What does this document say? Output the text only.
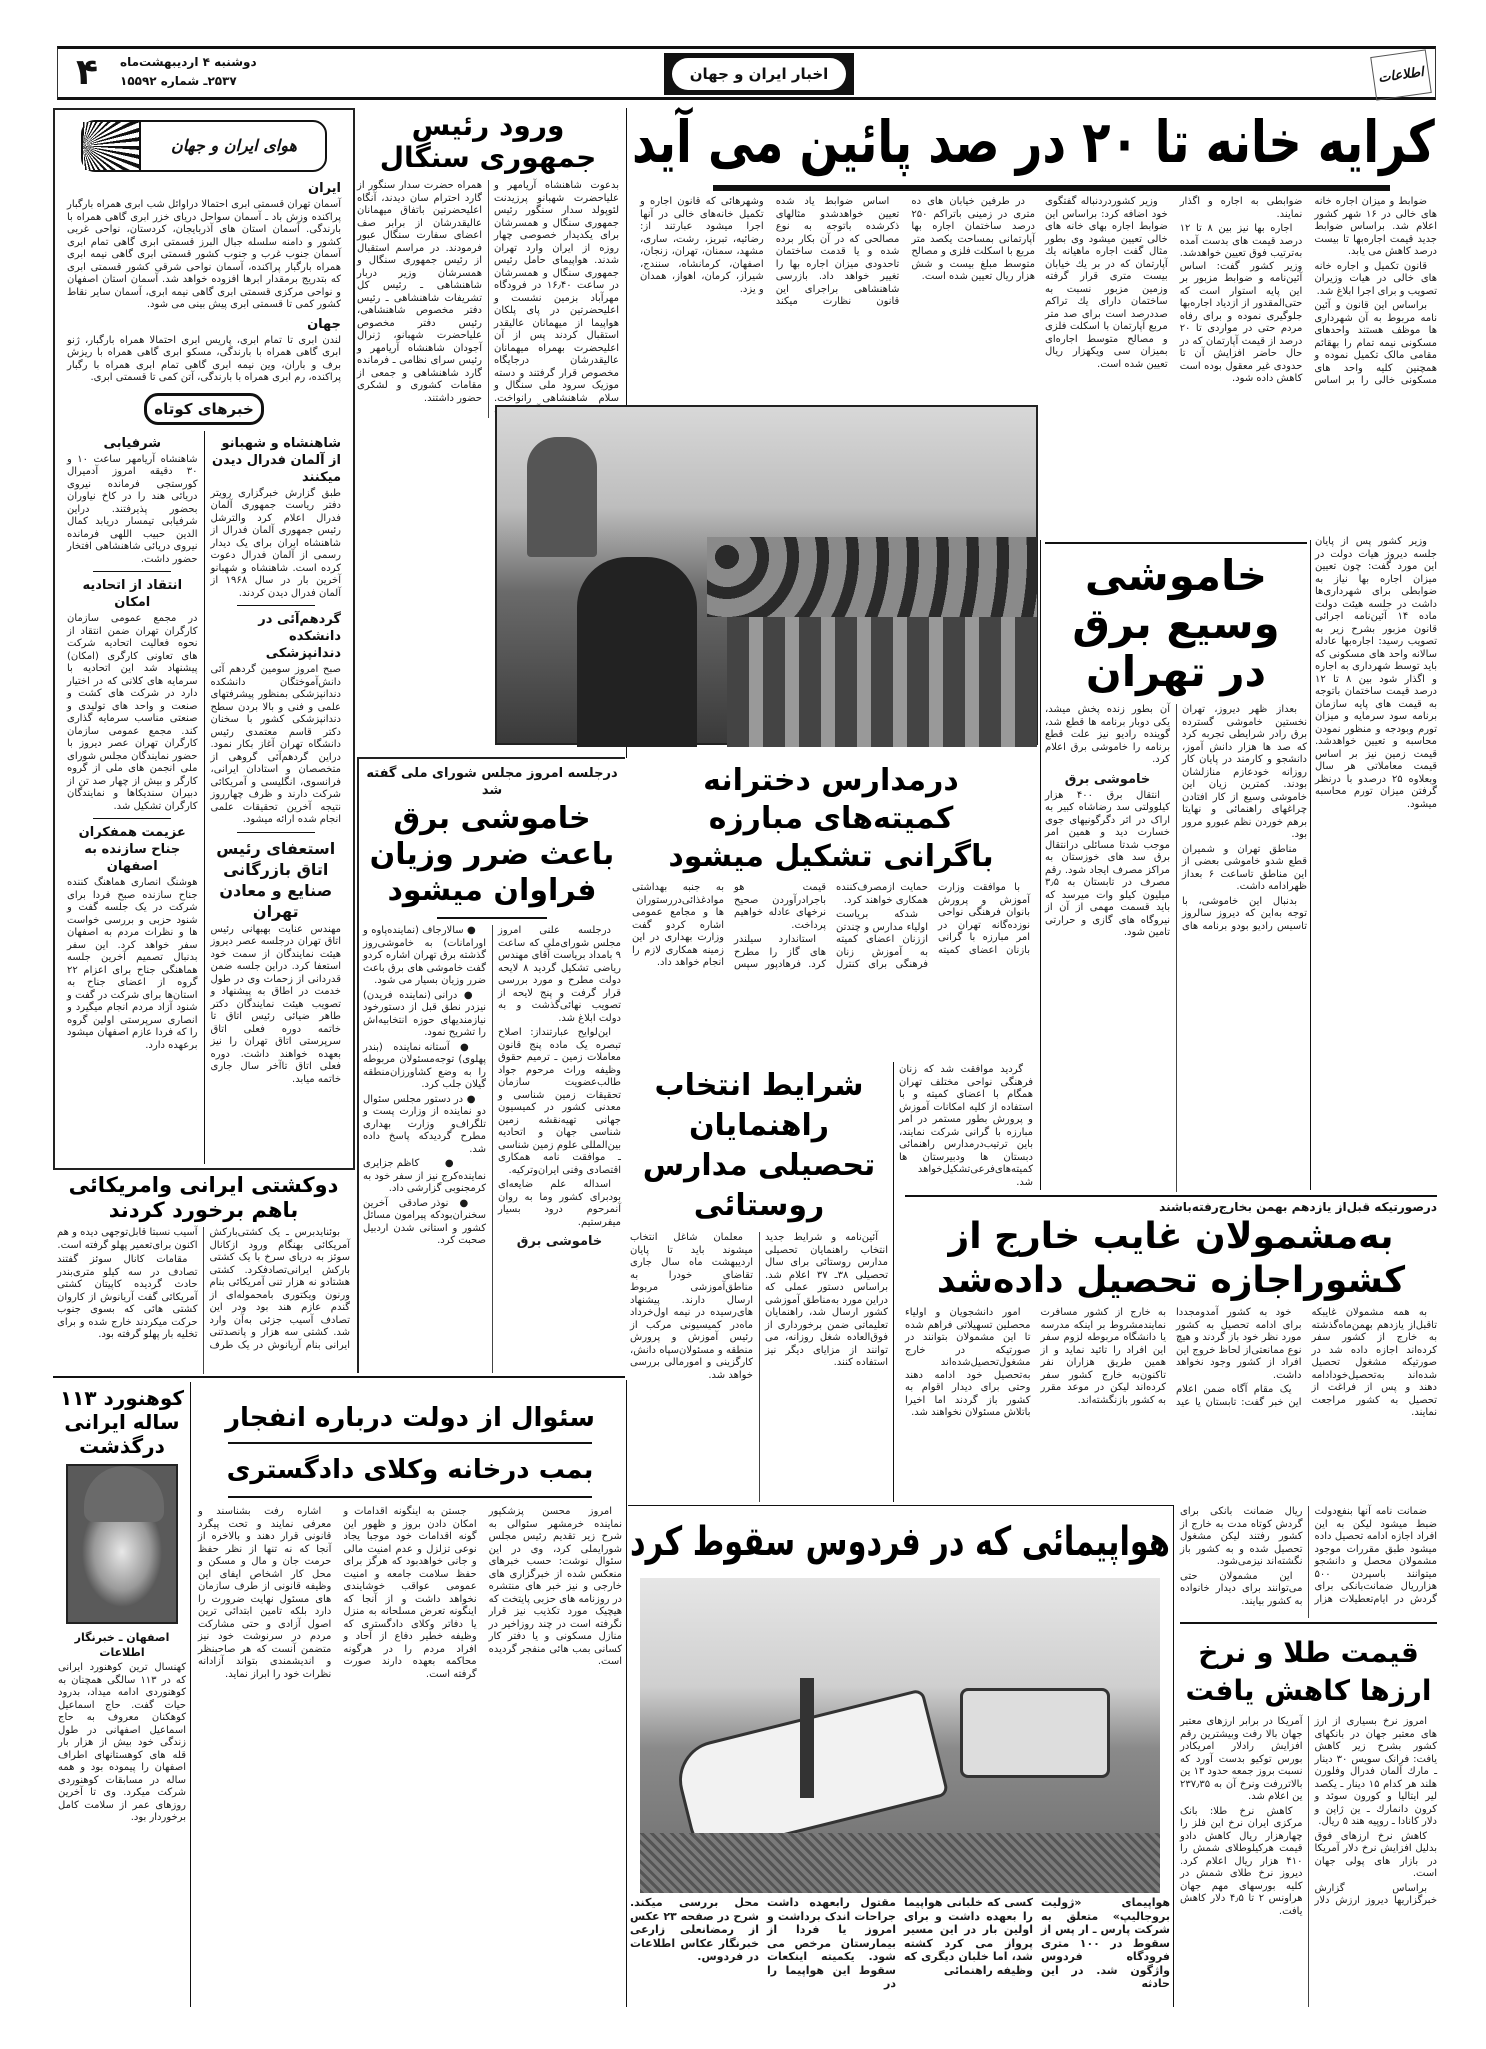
۴ دوشنبه ۴ اردیبهشت‌ماه
۲۵۳۷ـ شماره ۱۵۵۹۲	اخبار ایران و جهان	اطلاعات
هوای ایران و جهان
ایران
آسمان تهران قسمتی ابری احتمالا دراوائل شب ابری همراه بارگبار پراکنده وزش باد ـ آسمان سواحل دریای خزر ابری گاهی همراه با بارندگی. آسمان استان های آذربایجان، کردستان، نواحی غربی کشور و دامنه سلسله جبال البرز قسمتی ابری گاهی تمام ابری آسمان جنوب غرب و جنوب کشور قسمتی ابری گاهی نیمه ابری همراه بارگبار پراکنده، آسمان نواحی شرقی کشور قسمتی ابری که بتدریج برمقدار ابرها افزوده خواهد شد. آسمان استان اصفهان و نواحی مرکزی قسمتی ابری گاهی نیمه ابری، آسمان سایر نقاط کشور کمی تا قسمتی ابری پیش بینی می شود.
جهان
لندن ابری تا تمام ابری، پاریس ابری احتمالا همراه بارگبار، ژنو ابری گاهی همراه با بارندگی، مسکو ابری گاهی همراه با ریزش برف و باران، وین نیمه ابری گاهی تمام ابری همراه با رگبار پراکنده، رم ابری همراه با بارندگی، آتن کمی تا قسمتی ابری.
خبرهای کوتاه
شاهنشاه و شهبانو از آلمان فدرال دیدن میکنند
طبق گزارش خبرگزاری رویتر دفتر ریاست جمهوری آلمان فدرال اعلام کرد والترشل رئیس جمهوری آلمان فدرال از شاهنشاه ایران برای یک دیدار رسمی از آلمان فدرال دعوت کرده است. شاهنشاه و شهبانو آخرین بار در سال ۱۹۶۸ از آلمان فدرال دیدن کردند.
گردهم‌آئی در دانشکده دندانپزشکی
صبح امروز سومین گردهم آئی دانش‌آموختگان دانشکده دندانپزشکی بمنظور پیشرفتهای علمی و فنی و بالا بردن سطح دندانپزشکی کشور با سخنان دکتر قاسم معتمدی رئیس دانشگاه تهران آغاز بکار نمود. دراین گردهم‌آئی گروهی از متخصصان و استادان ایرانی، فرانسوی، انگلیسی و آمریکائی شرکت دارند و ظرف چهارروز نتیجه آخرین تحقیقات علمی انجام شده ارائه میشود.
استعفای رئیس اتاق بازرگانی صنایع و معادن تهران
مهندس عنایت بهبهانی رئیس اتاق تهران درجلسه عصر دیروز هیئت نمایندگان از سمت خود استعفا کرد. دراین جلسه ضمن قدردانی از زحمات وی در طول خدمت در اطاق به پیشنهاد و تصویب هیئت نمایندگان دکتر طاهر ضیائی رئیس اتاق تا خاتمه دوره فعلی اتاق سرپرستی اتاق تهران را نیز بعهده خواهند داشت. دوره فعلی اتاق تاآخر سال جاری خاتمه میابد.
شرفیابی
شاهنشاه آریامهر ساعت ۱۰ و ۳۰ دقیقه امروز آدمیرال کورستجی فرمانده نیروی دریائی هند را در کاخ نیاوران بحضور پذیرفتند. دراین شرفیابی تیمسار دریابد کمال الدین حبیب اللهی فرمانده نیروی دریائی شاهنشاهی افتخار حضور داشت.
انتقاد از اتحادیه امکان
در مجمع عمومی سازمان کارگران تهران ضمن انتقاد از نحوه فعالیت اتحادیه شرکت های تعاونی کارگری (امکان) پیشنهاد شد این اتحادیه با سرمایه های کلانی که در اختیار دارد در شرکت های کشت و صنعت و واحد های تولیدی و صنعتی مناسب سرمایه گذاری کند. مجمع عمومی سازمان کارگران تهران عصر دیروز با حضور نمایندگان مجلس شورای ملی انجمن های ملی از گروه کارگر و بیش از چهار صد تن از دبیران سندیکاها و نمایندگان کارگران تشکیل شد.
عزیمت همفکران جناح سازنده به اصفهان
هوشنگ انصاری هماهنگ کننده جناح سازنده صبح فردا برای شرکت در یک جلسه گفت و شنود حزبی و بررسی خواست ها و نظرات مردم به اصفهان سفر خواهد کرد. این سفر بدنبال تصمیم آخرین جلسه هماهنگی جناح برای اعزام ۲۲ گروه از اعضای جناح به استان‌ها برای شرکت در گفت و شنود آزاد مردم انجام میگیرد و انصاری سرپرستی اولین گروه را که فردا عازم اصفهان میشود برعهده دارد.
ورود رئیس جمهوری سنگال
بدعوت شاهنشاه آریامهر و علیاحضرت شهبانو پرزیدنت لئوپولد سدار سنگور رئیس جمهوری سنگال و همسرشان برای یکدیدار خصوصی چهار روزه از ایران وارد تهران شدند. هواپیمای حامل رئیس جمهوری سنگال و همسرشان در ساعت ۱۶٫۴۰ در فرودگاه مهرآباد بزمین نشست و اعلیحضرتین در پای پلکان هواپیما از میهمانان عالیقدر استقبال کردند پس از آن اعلیحضرت بهمراه میهمانان عالیقدرشان درجایگاه مخصوص قرار گرفتند و دسته موزیک سرود ملی سنگال و سلام شاهنشاهی رانواخت. همراه حضرت سدار سنگور از گارد احترام سان دیدند، آنگاه اعلیحضرتین باتفاق میهمانان عالیقدرشان از برابر صف اعضای سفارت سنگال عبور فرمودند. در مراسم استقبال از رئیس جمهوری سنگال و همسرشان وزیر دربار شاهنشاهی ـ رئیس کل تشریفات شاهنشاهی ـ رئیس دفتر مخصوص شاهنشاهی، رئیس دفتر مخصوص علیاحضرت شهبانو، ژنرال آجودان شاهنشاه آریامهر و رئیس سرای نظامی ـ فرمانده گارد شاهنشاهی و جمعی از مقامات کشوری و لشکری حضور داشتند.
کرایه خانه تا ۲۰ در صد پائین می آید

در طرفین خیابان های ده متری در زمینی باتراکم ۲۵۰ درصد ساختمان اجاره بها آپارتمانی بمساحت یکصد متر مربع با اسکلت فلزی و مصالح متوسط مبلغ بیست و شش هزار ریال تعیین شده است.

اساس ضوابط یاد شده تعیین خواهدشدو مثالهای ذکرشده باتوجه به نوع مصالحی که در آن بکار برده شده و یا قدمت ساختمان تاحدودی میزان اجاره بها را تغییر خواهد داد. بازرسی شاهنشاهی براجرای این قانون نظارت میکند وشهرهائی که قانون اجاره و تکمیل خانه‌های خالی در آنها اجرا میشود عبارتند از: رضائیه، تبریز، رشت، ساری، مشهد، سمنان، تهران، زنجان، اصفهان، کرمانشاه، سنندج، شیراز، کرمان، اهواز، همدان و یزد.

ضوابط و میزان اجاره خانه های خالی در ۱۶ شهر کشور اعلام شد. براساس ضوابط جدید قیمت اجاره‌بها تا بیست درصد کاهش می یابد.

قانون تکمیل و اجاره خانه های خالی در هیات وزیران تصویب و برای اجرا ابلاغ شد.

براساس این قانون و آئین نامه مربوط به آن شهرداری ها موظف هستند واحدهای مسکونی نیمه تمام را بهقائم مقامی مالک تکمیل نموده و همچنین کلیه واحد های مسکونی خالی را بر اساس ضوابطی به اجاره و اگذار نمایند.

اجاره بها نیز بین ۸ تا ۱۲ درصد قیمت های بدست آمده به‌ترتیب فوق تعیین خواهدشد. وزیر کشور گفت: اساس آئین‌نامه و ضوابط مزبور بر این پایه استوار است که حتی‌المقدور از ازدیاد اجاره‌بها جلوگیری نموده و برای رفاه مردم حتی در مواردی تا ۲۰ درصد از قیمت آپارتمان که در حال حاضر افزایش آن تا حدودی غیر معقول بوده است کاهش داده شود.

وزیر کشوردردنباله گفتگوی خود اضافه کرد: براساس این ضوابط اجاره بهای خانه های خالی تعیین میشود وی بطور مثال گفت اجاره ماهیانه یك آپارتمان که در بر یك خیابان بیست متری قرار گرفته وزمین مزبور نسبت به ساختمان دارای یك تراکم صددرصد است برای صد متر مربع آپارتمان با اسکلت فلزی و مصالح متوسط اجاره‌ای بمیزان سی ویکهزار ریال تعیین شده است.

وزیر کشور پس از پایان جلسه دیروز هیات دولت در این مورد گفت: چون تعیین میزان اجاره بها نیاز به ضوابطی برای شهرداری‌ها داشت در جلسه هیئت دولت ماده ۱۴ آئین‌نامه اجرائی قانون مزبور بشرح زیر به تصویب رسید: اجاره‌بها عادله سالانه واحد های مسکونی که باید توسط شهرداری به اجاره و اگذار شود بین ۸ تا ۱۲ درصد قیمت ساختمان باتوجه به قیمت های پایه سازمان برنامه سود سرمایه و میزان تورم وبودجه و منظور نمودن محاسبه و تعیین خواهدشد. قیمت زمین نیز بر اساس قیمت معاملاتی هر سال وبعلاوه ۲۵ درصدو با درنظر گرفتن میزان تورم محاسبه میشود.

خاموشی وسیع برق در تهران

بعداز ظهر دیروز، تهران نخستین خاموشی گسترده برق رادر شرایطی تجربه کرد که صد ها هزار دانش آموز، دانشجو و کارمند در پایان کار روزانه خودعازم منازلشان بودند. کمترین زیان این خاموشی وسیع از کار افتادن چراغهای راهنمائی و نهایتا برهم خوردن نظم عبورو مرور بود.

مناطق تهران و شمیران قطع شدو خاموشی بعضی از این مناطق تاساعت ۶ بعداز ظهرادامه داشت.

بدنبال این خاموشی، با توجه به‌این که دیروز سالروز تاسیس رادیو بودو برنامه های آن بطور زنده پخش میشد، یکی دوبار برنامه ها قطع شد، گوینده رادیو نیز علت قطع برنامه را خاموشی برق اعلام کرد.

خاموشی برق

انتقال برق ۴۰۰ هزار کیلوولتی سد رضاشاه کبیر به اراک در اثر دگرگونیهای جوی خسارت دید و همین امر موجب شدتا مسائلی درانتقال برق سد های خوزستان به مراکز مصرف ایجاد شود. رقم مصرف در تابستان به ۳٫۵ میلیون کیلو وات میرسد که باید قسمت مهمی از آن از نیروگاه های گازی و حرارتی تامین شود.

درجلسه امروز مجلس شورای ملی گفته شد
خاموشی برق باعث ضرر وزیان فراوان میشود

درجلسه علنی امروز مجلس شورای‌ملی که ساعت ۹ بامداد بریاست آقای مهندس ریاضی تشکیل گردید ۸ لایحه دولت مطرح و مورد بررسی قرار گرفت و پنج لایحه از تصویب نهائی‌گذشت و به دولت ابلاغ شد.

این‌لوایح عبارتنداز: اصلاح تبصره یک ماده پنج قانون معاملات زمین ـ ترمیم حقوق وظیفه وراث مرحوم جواد طالب‌عضویت سازمان تحقیقات زمین شناسی و معدنی کشور در کمیسیون جهانی تهیه‌نقشه زمین شناسی جهان و اتحادیه بین‌المللی علوم زمین شناسی ـ موافقت نامه همکاری اقتصادی وفنی ایران‌وترکیه.

اسداله علم ضایعه‌ای بودبرای کشور وما به روان آنمرحوم درود بسیار میفرستیم.

خاموشی برق

● سالارجاف (نماینده‌پاوه و اورامانات) به خاموشی‌روز گذشته برق تهران اشاره کردو گفت خاموشی های برق باعث ضرر وزیان بسیار می شود.

● درانی (نماینده فریدن) نیزدر نطق قبل از دستورخود نیازمندیهای حوزه انتخابیه‌اش را تشریح نمود.

● آستانه نماینده (بندر پهلوی) توجه‌مسئولان مربوطه را به وضع کشاورزان‌منطقه گیلان جلب کرد.

● در دستور مجلس سئوال دو نماینده از وزارت پست و تلگراف‌و وزارت بهداری مطرح گردیدکه پاسخ داده شد.

● کاظم جزایری نماینده‌کرج نیز از سفر خود به کرمجنوبی گزارشی داد.

● نوذر صادقی آخرین سخنران‌بودکه پیرامون مسائل کشور و استانی شدن اردبیل صحبت کرد.

درمدارس دخترانه کمیته‌های مبارزه باگرانی تشکیل میشود

با موافقت وزارت آموزش و پرورش بانوان فرهنگی نواحی نوزده‌گانه تهران در امر مبارزه با گرانی بازنان اعضای کمیته حمایت ازمصرف‌کننده همکاری خواهند کرد.

شدکه بریاست اولیاء مدارس و چندتن اززنان اعضای کمیته به آموزش زنان فرهنگی برای کنترل قیمت هو باجرادرآوردن صحیح نرخهای عادله خواهیم پرداخت.

استاندارد سیلندر های گاز را مطرح کرد. فرهادپور سپس به جنبه بهداشتی موادغذائی‌دررستوران ها و مجامع عمومی اشاره کردو گفت وزارت بهداری در این زمینه همکاری لازم را انجام خواهد داد.

گردید موافقت شد که زنان فرهنگی نواحی مختلف تهران همگام با اعضای کمیته و با استفاده از کلیه امکانات آموزش و پرورش بطور مستمر در امر مبارزه با گرانی شرکت نمایند، باین ترتیب‌درمدارس راهنمائی دبستان ها ودبیرستان ها کمیته‌های‌فرعی‌تشکیل‌خواهد شد.

شرایط انتخاب راهنمایان تحصیلی مدارس روستائی

آئین‌نامه و شرایط جدید انتخاب راهنمایان تحصیلی مدارس روستائی برای سال تحصیلی ۳۸ـ ۳۷ اعلام شد. براساس دستور عملی که دراین مورد به‌مناطق آموزشی کشور ارسال شد، راهنمایان تعلیماتی ضمن برخورداری از فوق‌العاده شغل روزانه، می توانند از مزایای دیگر نیز استفاده کنند.

معلمان شاغل انتخاب میشوند باید تا پایان اردیبهشت ماه سال جاری تقاضای خودرا به مناطق‌آموزشی مربوط ارسال دارند. پیشنهاد های‌رسیده در نیمه اول‌خرداد ماه‌در کمیسیونی مرکب از رئیس آموزش و پرورش منطقه و مسئولان‌سپاه دانش، کارگزینی و امورمالی بررسی خواهد شد.

درصورتیکه قبل‌از یازدهم بهمن بخارج‌رفته‌باشند
به‌مشمولان غایب خارج از کشوراجازه تحصیل داده‌شد

به همه مشمولان غایبکه تاقبل‌از یازدهم بهمن‌ماه‌گذشته به خارج از کشور سفر کرده‌اند اجازه داده شد در صورتیکه مشغول تحصیل شده‌اند به‌تحصیل‌خودادامه دهند و پس از فراغت از تحصیل به کشور مراجعت نمایند.

خود به کشور آمدومجددا برای ادامه تحصیل به کشور مورد نظر خود باز گردند و هیچ نوع ممانعتی‌از لحاظ خروج این افراد از کشور وجود نخواهد داشت.

یک مقام آگاه ضمن اعلام این خبر گفت: تابستان یا عید به خارج از کشور مسافرت نمایندمشروط بر اینکه مدرسه یا دانشگاه مربوطه لزوم سفر این افراد را تائید نماید و از همین طریق هزاران نفر تاکنون‌به خارج کشور سفر کرده‌اند لیکن در موعد مقرر به کشور بازنگشته‌اند.

امور دانشجویان و اولیاء محصلین تسهیلاتی فراهم شده تا این مشمولان بتوانند در صورتیکه در خارج مشغول‌تحصیل‌شده‌اند به‌تحصیل خود ادامه دهند وحتی برای دیدار اقوام به کشور باز گردند اما اخیرا باتلاش مسئولان نخواهند شد.

ضمانت نامه آنها بنفع‌دولت ضبط میشود لیکن به این افراد اجازه ادامه تحصیل داده میشود طبق مقررات موجود مشمولان محصل و دانشجو میتوانند باسپردن ۵۰۰ هزارریال ضمانت‌بانکی برای گردش در ایام‌تعطیلات هزار ریال ضمانت بانکی برای گردش کوتاه مدت به خارج از کشور رفتند لیکن مشغول تحصیل شده و به کشور باز نگشته‌اند نیزمی‌شود.

این مشمولان حتی می‌توانند برای دیدار خانواده به کشور بیایند.

دوکشتی ایرانی وامریکائی باهم برخورد کردند

بوئنایدبرس ـ یک کشتی‌بارکش آمریکائی بهنگام ورود ازکانال سوئز به دریای سرخ با یک کشتی بارکش ایرانی‌تصادفکرد. کشتی هشتادو نه هزار تنی آمریکائی بنام ورنون ویکتوری بامحموله‌ای از گندم عازم هند بود ودر این تصادف آسیب جزئی به‌آن وارد شد. کشتی سه هزار و پانصدتنی ایرانی بنام آریانوش در یک طرف آسیب نسبتا قابل‌توجهی دیده و هم اکنون برای‌تعمیر پهلو گرفته است.

مقامات کانال سوئز گفتند تصادف در سه کیلو متری‌بندر حادث گردیده کاپیتان کشتی آمریکائی گفت آریانوش از کاروان کشتی هائی که بسوی جنوب حرکت میکردند خارج شده و برای تخلیه بار پهلو گرفته بود.

کوهنورد ۱۱۳ ساله ایرانی درگذشت
اصفهان ـ خبرنگار اطلاعات
کهنسال ترین کوهنورد ایرانی که در ۱۱۳ سالگی همچنان به کوهنوردی ادامه میداد، بدرود حیات گفت. حاج اسماعیل کوهکنان معروف به حاج اسماعیل اصفهانی در طول زندگی خود بیش از هزار بار قله های کوهستانهای اطراف اصفهان را پیموده بود و همه ساله در مسابقات کوهنوردی شرکت میکرد. وی تا آخرین روزهای عمر از سلامت کامل برخوردار بود.
سئوال از دولت درباره انفجار
بمب درخانه وکلای دادگستری

امروز محسن پزشکپور نماینده خرمشهر سئوالی به شرح زیر تقدیم رئیس مجلس شورایملی کرد، وی در این سئوال نوشت: حسب خبرهای منعکس شده از خبرگزاری های خارجی و نیز خبر های منتشره در روزنامه های حزبی پایتخت که هیچیک مورد تکذیب نیز قرار نگرفته است در چند روزاخیر در منازل مسکونی و یا دفتر کار کسانی بمب هائی منفجر گردیده است.

جستن به اینگونه اقدامات و امکان دادن بروز و ظهور این گونه اقدامات خود موجبا یجاد نوعی تزلزل و عدم امنیت مالی و جانی خواهدبود که هرگز برای حفظ سلامت جامعه و امنیت عمومی عواقب خوشایندی نخواهد داشت و از آنجا که اینگونه تعرض مسلحانه به منزل یا دفاتر وکلای دادگستری که وظیفه خطیر دفاع از آحاد و افراد مردم را در هرگونه محاکمه بعهده دارند صورت گرفته است.

اشاره رفت بشناسند و معرفی نمایند و تحت پیگرد قانونی قرار دهند و بالاخره از آنجا که نه تنها از نظر حفظ حرمت جان و مال و مسکن و محل کار اشخاص ایفای این وظیفه قانونی از طرف سازمان های مسئول نهایت ضرورت را دارد بلکه تامین ابتدائی ترین اصول آزادی و حتی مشارکت مردم در سرنوشت خود نیز متضمن آنست که هر صاحبنظر و اندیشمندی بتواند آزادانه نظرات خود را ابراز نماید.

هواپیمائی که در فردوس سقوط کرد
هواپیمای «ژولیت بروجالیپ» متعلق به شرکت پارس ـ ار پس از سقوط در ۱۰۰ متری فرودگاه فردوس واژگون شد. در این حادثه
کسی که خلبانی هواپیما را بعهده داشت و برای اولین بار در این مسیر پرواز می کرد کشته شد، اما خلبان دیگری که وظیفه راهنمائی
مقتول رابعهده داشت جراحات اندک برداشت و امروز یا فردا از بیمارستان مرخص می شود. یکمیته اینکعات سقوط این هواپیما را در
محل بررسی میکند. شرح در صفحه ۲۳ عکس از رمضانعلی زارعی خبرنگار عکاس اطلاعات در فردوس.
قیمت طلا و نرخ ارزها کاهش یافت

امروز نرخ بسیاری از ارز های معتبر جهان در بانکهای کشور بشرح زیر کاهش یافت: فرانک سویس ۳۰ دینار ـ مارك آلمان فدرال وفلورن هلند هر کدام ۱۵ دینار ـ یکصد لیر ایتالیا و کورون سوئد و کرون دانمارك ـ ین ژاپن و دلار کانادا ـ روپیه هند ۵ ریال.

کاهش نرخ ارزهای فوق بدلیل افزایش نرخ دلار آمریکا در بازار های پولی جهان است.

براساس گزارش خبرگزاریها دیروز ارزش دلار آمریکا در برابر ارزهای معتبر جهان بالا رفت وبیشترین رقم افزایش رادلار امریکادر بورس توکیو بدست آورد که نسبت بروز جمعه حدود ۱۳ ین بالاتررفت ونرخ آن به ۲۳۷٫۳۵ ین اعلام شد.

کاهش نرخ طلا: بانک مرکزی ایران نرخ این فلز را چهارهزار ریال کاهش دادو قیمت هرکیلوطلای شمش را ۴۱۰ هزار ریال اعلام کرد. دیروز نرخ طلای شمش در کلیه بورسهای مهم جهان هراونس ۲ تا ۴٫۵ دلار کاهش یافت.
